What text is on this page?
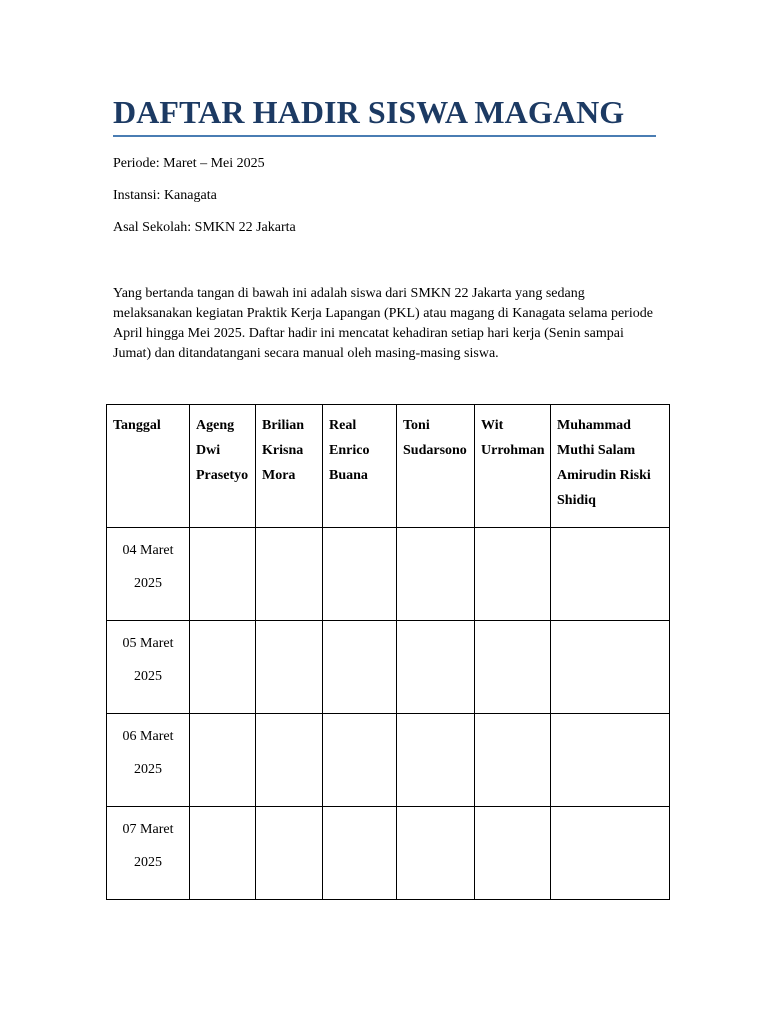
DAFTAR HADIR SISWA MAGANG
Periode: Maret – Mei 2025
Instansi: Kanagata
Asal Sekolah: SMKN 22 Jakarta

Yang bertanda tangan di bawah ini adalah siswa dari SMKN 22 Jakarta yang sedang melaksanakan kegiatan Praktik Kerja Lapangan (PKL) atau magang di Kanagata selama periode April hingga Mei 2025. Daftar hadir ini mencatat kehadiran setiap hari kerja (Senin sampai Jumat) dan ditandatangani secara manual oleh masing-masing siswa.

Tanggal	Ageng Dwi Prasetyo	Brilian Krisna Mora	Real Enrico Buana	Toni Sudarsono	Wit Urrohman	Muhammad Muthi Salam Amirudin Riski Shidiq

04 Maret
2025						

05 Maret
2025						

06 Maret
2025						

07 Maret
2025						
